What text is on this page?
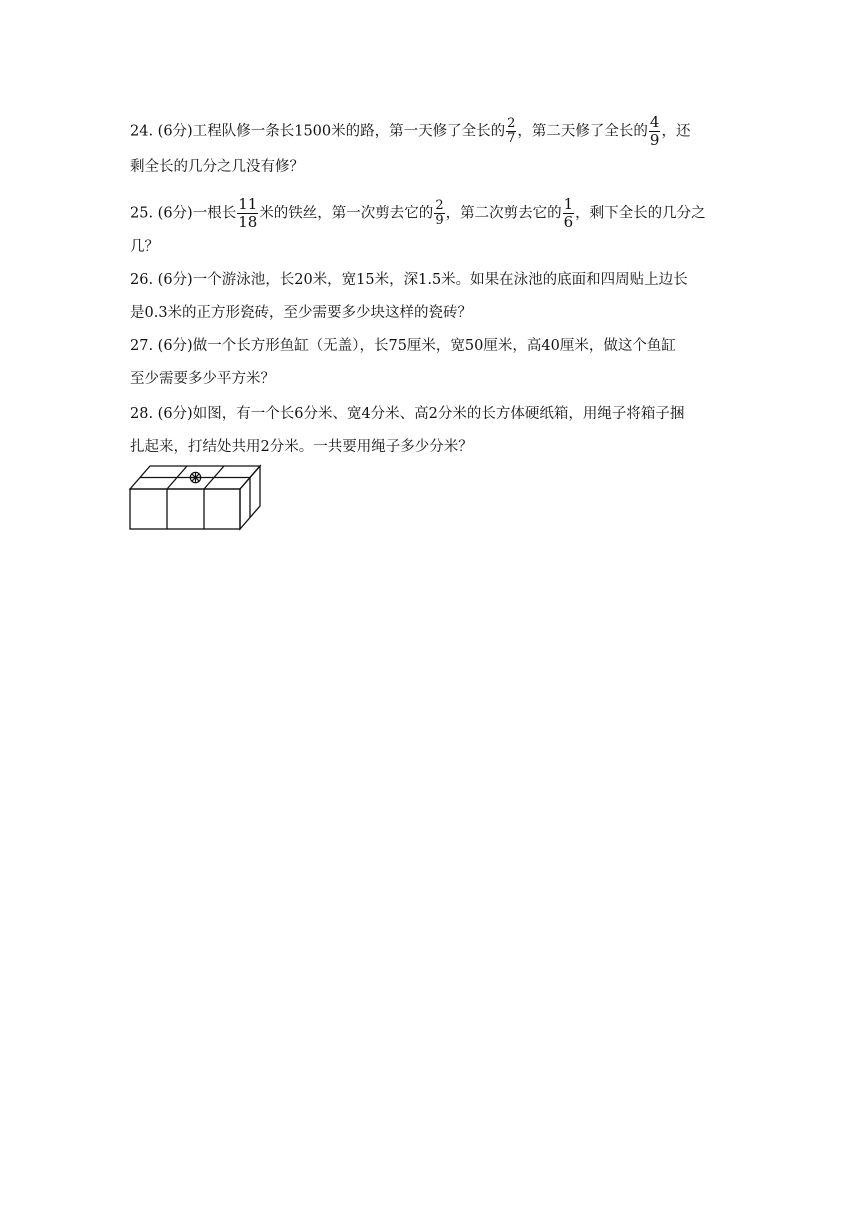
24. (6分)工程队修一条长1500米的路，第一天修了全长的 $\frac{2}{7}$ ，第二天修了全长的 $\frac{4}{9}$ ，还
剩全长的几分之几没有修？
25. (6分)一根长 $\frac{11}{18}$ 米的铁丝，第一次剪去它的 $\frac{2}{9}$ ，第二次剪去它的 $\frac{1}{6}$ ，剩下全长的几分之
几？
26. (6分)一个游泳池，长20米，宽15米，深1.5米。如果在泳池的底面和四周贴上边长
是0.3米的正方形瓷砖，至少需要多少块这样的瓷砖？
27. (6分)做一个长方形鱼缸（无盖），长75厘米，宽50厘米，高40厘米，做这个鱼缸
至少需要多少平方米？
28. (6分)如图，有一个长6分米、宽4分米、高2分米的长方体硬纸箱，用绳子将箱子捆
扎起来，打结处共用2分米。一共要用绳子多少分米？
